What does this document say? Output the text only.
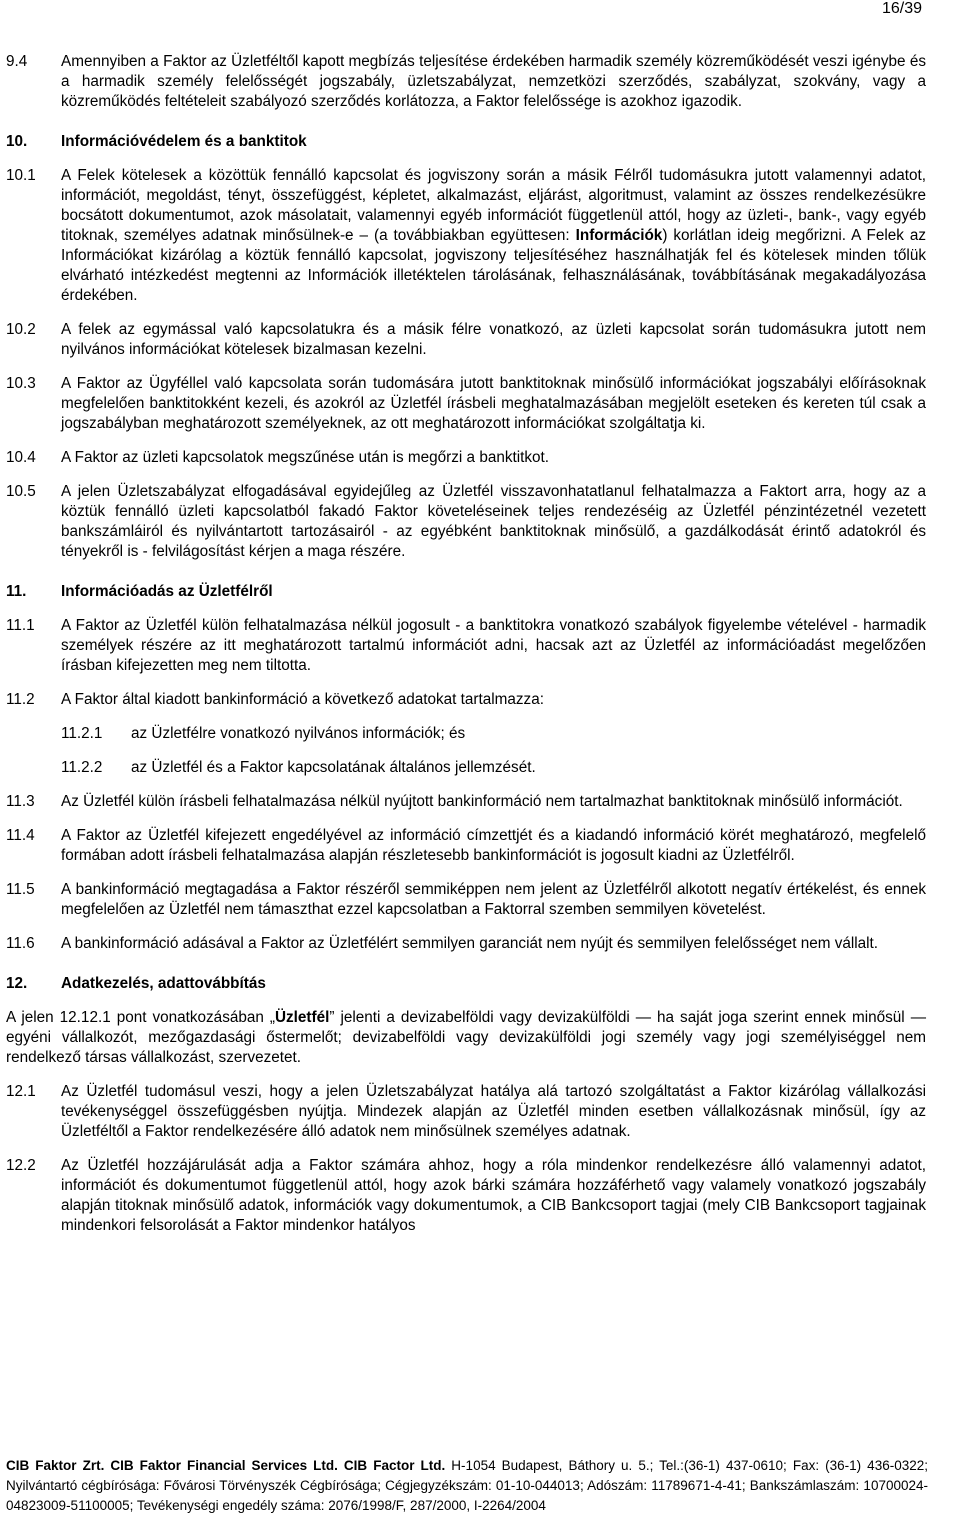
16/39
9.4	Amennyiben a Faktor az Üzletféltől kapott megbízás teljesítése érdekében harmadik személy közreműködését veszi igénybe és a harmadik személy felelősségét jogszabály, üzletszabályzat, nemzetközi szerződés, szabályzat, szokvány, vagy a közreműködés feltételeit szabályozó szerződés korlátozza, a Faktor felelőssége is azokhoz igazodik.
10.	Információvédelem és a banktitok
10.1	A Felek kötelesek a közöttük fennálló kapcsolat és jogviszony során a másik Félről tudomásukra jutott valamennyi adatot, információt, megoldást, tényt, összefüggést, képletet, alkalmazást, eljárást, algoritmust, valamint az összes rendelkezésükre bocsátott dokumentumot, azok másolatait, valamennyi egyéb információt függetlenül attól, hogy az üzleti-, bank-, vagy egyéb titoknak, személyes adatnak minősülnek-e – (a továbbiakban együttesen: Információk) korlátlan ideig megőrizni. A Felek az Információkat kizárólag a köztük fennálló kapcsolat, jogviszony teljesítéséhez használhatják fel és kötelesek minden tőlük elvárható intézkedést megtenni az Információk illetéktelen tárolásának, felhasználásának, továbbításának megakadályozása érdekében.
10.2	A felek az egymással való kapcsolatukra és a másik félre vonatkozó, az üzleti kapcsolat során tudomásukra jutott nem nyilvános információkat kötelesek bizalmasan kezelni.
10.3	A Faktor az Ügyféllel való kapcsolata során tudomására jutott banktitoknak minősülő információkat jogszabályi előírásoknak megfelelően banktitokként kezeli, és azokról az Üzletfél írásbeli meghatalmazásában megjelölt eseteken és kereten túl csak a jogszabályban meghatározott személyeknek, az ott meghatározott információkat szolgáltatja ki.
10.4	A Faktor az üzleti kapcsolatok megszűnése után is megőrzi a banktitkot.
10.5	A jelen Üzletszabályzat elfogadásával egyidejűleg az Üzletfél visszavonhatatlanul felhatalmazza a Faktort arra, hogy az a köztük fennálló üzleti kapcsolatból fakadó Faktor követeléseinek teljes rendezéséig az Üzletfél pénzintézetnél vezetett bankszámláiról és nyilvántartott tartozásairól - az egyébként banktitoknak minősülő, a gazdálkodását érintő adatokról és tényekről is - felvilágosítást kérjen a maga részére.
11.	Információadás az Üzletfélről
11.1	A Faktor az Üzletfél külön felhatalmazása nélkül jogosult - a banktitokra vonatkozó szabályok figyelembe vételével - harmadik személyek részére az itt meghatározott tartalmú információt adni, hacsak azt az Üzletfél az információadást megelőzően írásban kifejezetten meg nem tiltotta.
11.2	A Faktor által kiadott bankinformáció a következő adatokat tartalmazza:
11.2.1	az Üzletfélre vonatkozó nyilvános információk; és
11.2.2	az Üzletfél és a Faktor kapcsolatának általános jellemzését.
11.3	Az Üzletfél külön írásbeli felhatalmazása nélkül nyújtott bankinformáció nem tartalmazhat banktitoknak minősülő információt.
11.4	A Faktor az Üzletfél kifejezett engedélyével az információ címzettjét és a kiadandó információ körét meghatározó, megfelelő formában adott írásbeli felhatalmazása alapján részletesebb bankinformációt is jogosult kiadni az Üzletfélről.
11.5	A bankinformáció megtagadása a Faktor részéről semmiképpen nem jelent az Üzletfélről alkotott negatív értékelést, és ennek megfelelően az Üzletfél nem támaszthat ezzel kapcsolatban a Faktorral szemben semmilyen követelést.
11.6	A bankinformáció adásával a Faktor az Üzletfélért semmilyen garanciát nem nyújt és semmilyen felelősséget nem vállalt.
12.	Adatkezelés, adattovábbítás
A jelen 12.12.1 pont vonatkozásában „Üzletfél” jelenti a devizabelföldi vagy devizakülföldi — ha saját joga szerint ennek minősül — egyéni vállalkozót, mezőgazdasági őstermelőt; devizabelföldi vagy devizakülföldi jogi személy vagy jogi személyiséggel nem rendelkező társas vállalkozást, szervezetet.
12.1	Az Üzletfél tudomásul veszi, hogy a jelen Üzletszabályzat hatálya alá tartozó szolgáltatást a Faktor kizárólag vállalkozási tevékenységgel összefüggésben nyújtja. Mindezek alapján az Üzletfél minden esetben vállalkozásnak minősül, így az Üzletféltől a Faktor rendelkezésére álló adatok nem minősülnek személyes adatnak.
12.2	Az Üzletfél hozzájárulását adja a Faktor számára ahhoz, hogy a róla mindenkor rendelkezésre álló valamennyi adatot, információt és dokumentumot függetlenül attól, hogy azok bárki számára hozzáférhető vagy valamely vonatkozó jogszabály alapján titoknak minősülő adatok, információk vagy dokumentumok, a CIB Bankcsoport tagjai (mely CIB Bankcsoport tagjainak mindenkori felsorolását a Faktor mindenkor hatályos
CIB Faktor Zrt. CIB Faktor Financial Services Ltd. CIB Factor Ltd. H-1054 Budapest, Báthory u. 5.; Tel.:(36-1) 437-0610; Fax: (36-1) 436-0322; Nyilvántartó cégbírósága: Fővárosi Törvényszék Cégbírósága; Cégjegyzékszám: 01-10-044013; Adószám: 11789671-4-41; Bankszámlaszám: 10700024-04823009-51100005; Tevékenységi engedély száma: 2076/1998/F, 287/2000, I-2264/2004
